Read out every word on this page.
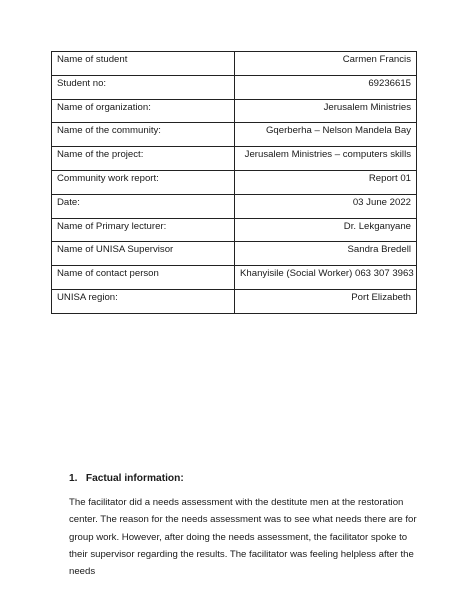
Name of student	Carmen Francis
Student no:	69236615
Name of organization:	Jerusalem Ministries
Name of the community:	Gqerberha – Nelson Mandela Bay
Name of the project:	Jerusalem Ministries – computers skills
Community work report:	Report 01
Date:	03 June 2022
Name of Primary lecturer:	Dr. Lekganyane
Name of UNISA Supervisor	Sandra Bredell
Name of contact person	Khanyisile (Social Worker) 063 307 3963
UNISA region:	Port Elizabeth
1. Factual information:

The facilitator did a needs assessment with the destitute men at the restoration center. The reason for the needs assessment was to see what needs there are for group work. However, after doing the needs assessment, the facilitator spoke to their supervisor regarding the results. The facilitator was feeling helpless after the needs
